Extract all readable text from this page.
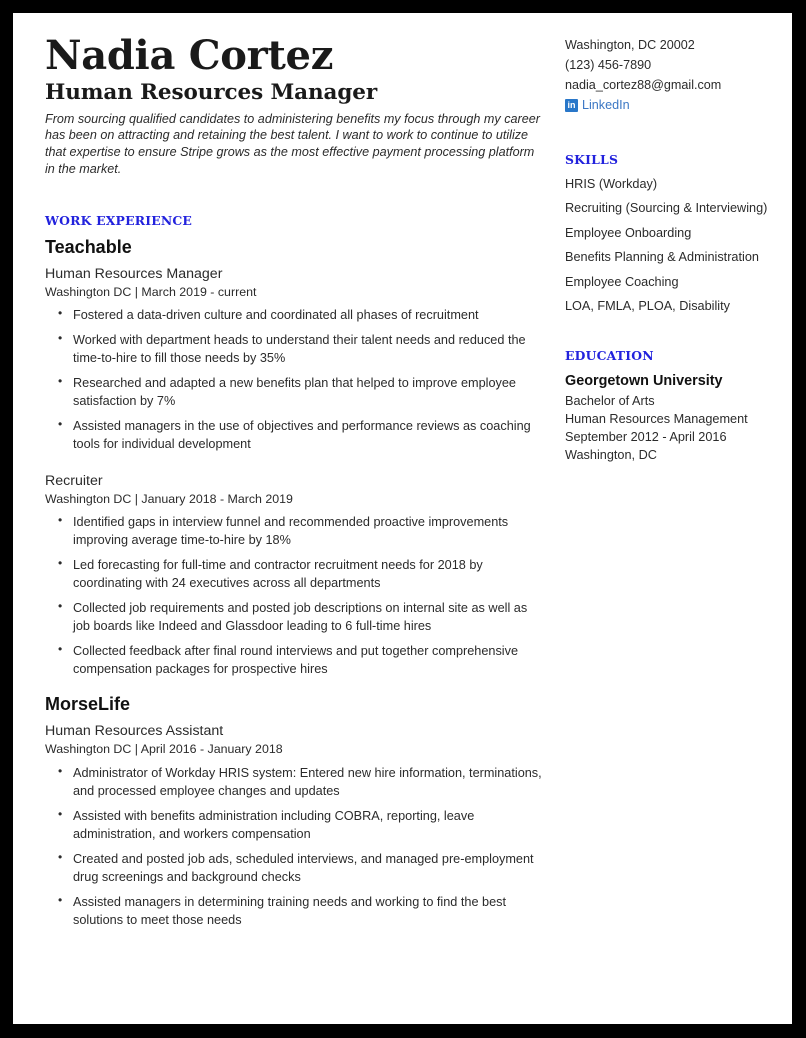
Nadia Cortez
Human Resources Manager
From sourcing qualified candidates to administering benefits my focus through my career has been on attracting and retaining the best talent. I want to work to continue to utilize that expertise to ensure Stripe grows as the most effective payment processing platform in the market.
WORK EXPERIENCE
Teachable
Human Resources Manager
Washington DC | March 2019 - current
• Fostered a data-driven culture and coordinated all phases of recruitment
• Worked with department heads to understand their talent needs and reduced the time-to-hire to fill those needs by 35%
• Researched and adapted a new benefits plan that helped to improve employee satisfaction by 7%
• Assisted managers in the use of objectives and performance reviews as coaching tools for individual development
Recruiter
Washington DC | January 2018 - March 2019
• Identified gaps in interview funnel and recommended proactive improvements improving average time-to-hire by 18%
• Led forecasting for full-time and contractor recruitment needs for 2018 by coordinating with 24 executives across all departments
• Collected job requirements and posted job descriptions on internal site as well as job boards like Indeed and Glassdoor leading to 6 full-time hires
• Collected feedback after final round interviews and put together comprehensive compensation packages for prospective hires
MorseLife
Human Resources Assistant
Washington DC | April 2016 - January 2018
• Administrator of Workday HRIS system: Entered new hire information, terminations, and processed employee changes and updates
• Assisted with benefits administration including COBRA, reporting, leave administration, and workers compensation
• Created and posted job ads, scheduled interviews, and managed pre-employment drug screenings and background checks
• Assisted managers in determining training needs and working to find the best solutions to meet those needs
Washington, DC 20002
(123) 456-7890
nadia_cortez88@gmail.com
in LinkedIn
SKILLS
HRIS (Workday)
Recruiting (Sourcing & Interviewing)
Employee Onboarding
Benefits Planning & Administration
Employee Coaching
LOA, FMLA, PLOA, Disability
EDUCATION
Georgetown University
Bachelor of Arts
Human Resources Management
September 2012 - April 2016
Washington, DC
